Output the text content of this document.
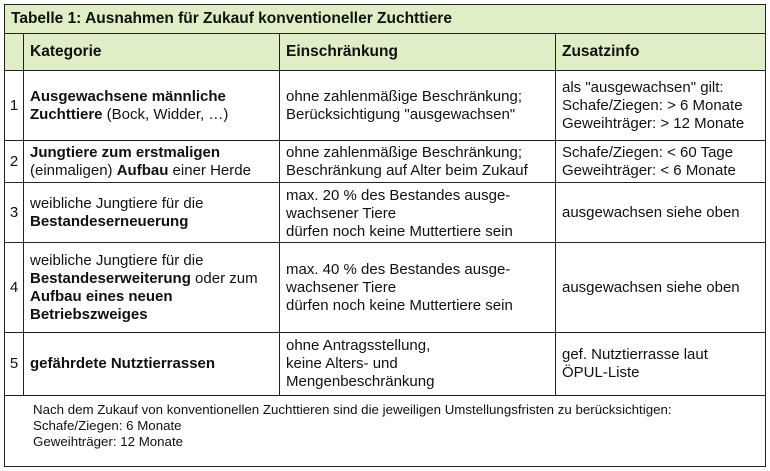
Tabelle 1: Ausnahmen für Zukauf konventioneller Zuchttiere
Kategorie	Einschränkung	Zusatzinfo
1
Ausgewachsene männliche Zuchttiere (Bock, Widder, …)
ohne zahlenmäßige Beschränkung;
Berücksichtigung "ausgewachsen"
als "ausgewachsen" gilt:
Schafe/Ziegen: > 6 Monate
Geweihträger: > 12 Monate
2
Jungtiere zum erstmaligen
(einmaligen) Aufbau einer Herde
ohne zahlenmäßige Beschränkung;
Beschränkung auf Alter beim Zukauf
Schafe/Ziegen: < 60 Tage
Geweihträger: < 6 Monate
3
weibliche Jungtiere für die
Bestandeserneuerung
max. 20 % des Bestandes ausge-
wachsener Tiere
dürfen noch keine Muttertiere sein
ausgewachsen siehe oben
4
weibliche Jungtiere für die
Bestandeserweiterung oder zum
Aufbau eines neuen Betriebszweiges
max. 40 % des Bestandes ausge-
wachsener Tiere
dürfen noch keine Muttertiere sein
ausgewachsen siehe oben
5 gefährdete Nutztierrassen
ohne Antragsstellung,
keine Alters- und
Mengenbeschränkung
gef. Nutztierrasse laut
ÖPUL-Liste
Nach dem Zukauf von konventionellen Zuchttieren sind die jeweiligen Umstellungsfristen zu berücksichtigen:
Schafe/Ziegen: 6 Monate
Geweihträger: 12 Monate
